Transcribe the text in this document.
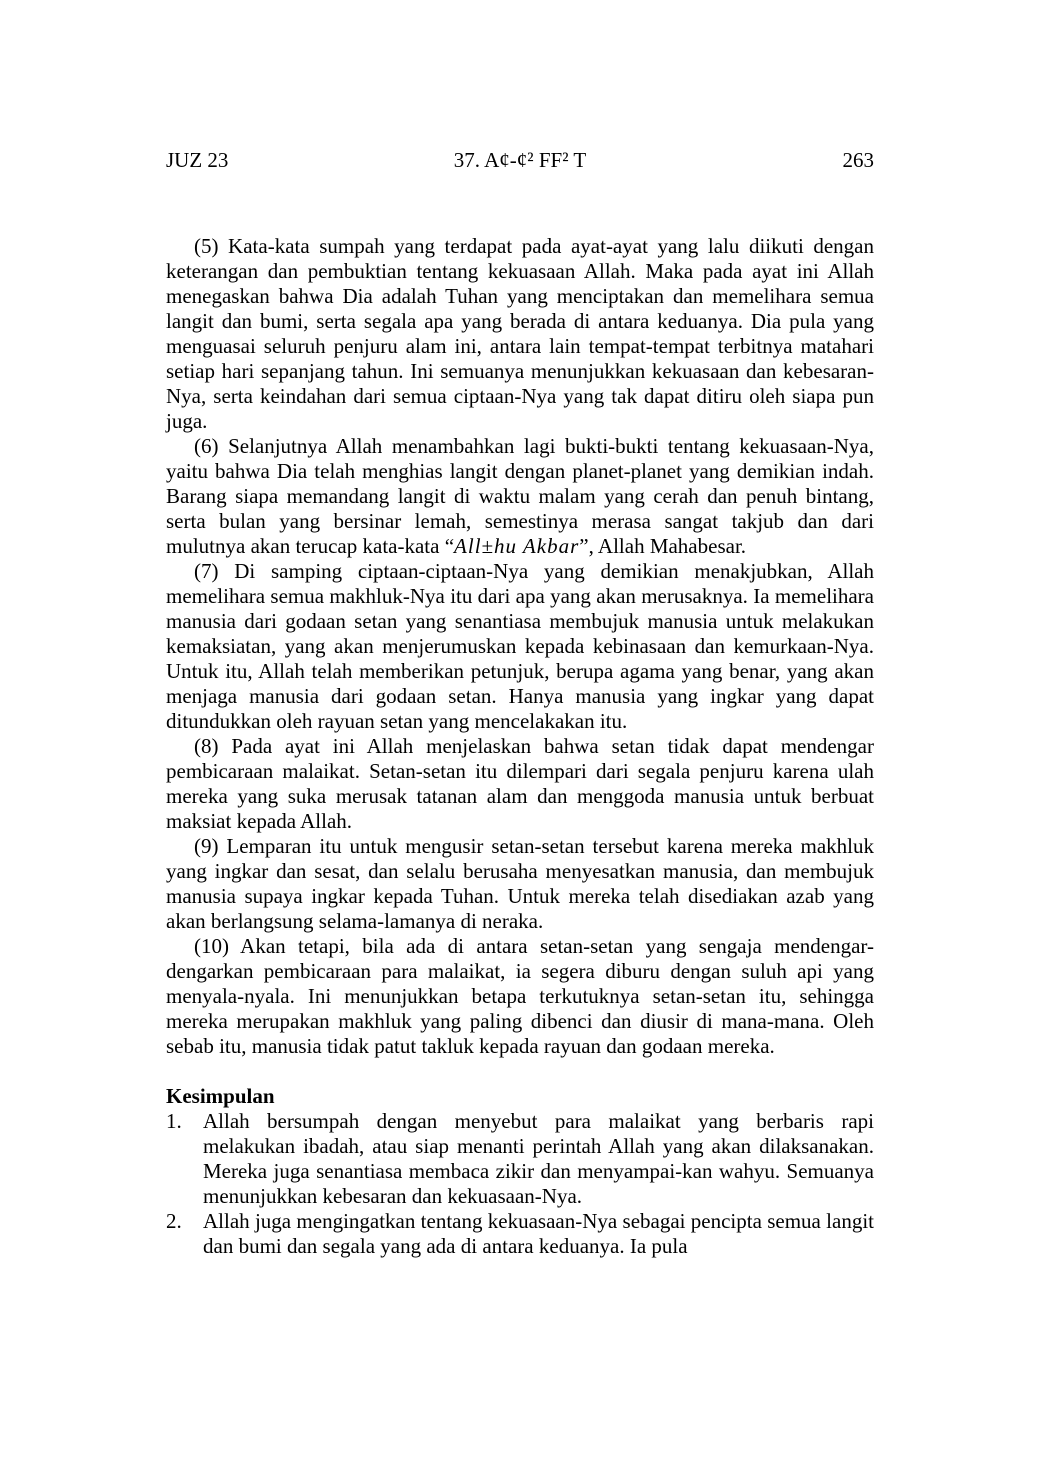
JUZ 23	37. A¢-¢² FF² T	263

(5) Kata-kata sumpah yang terdapat pada ayat-ayat yang lalu diikuti dengan keterangan dan pembuktian tentang kekuasaan Allah. Maka pada ayat ini Allah menegaskan bahwa Dia adalah Tuhan yang menciptakan dan memelihara semua langit dan bumi, serta segala apa yang berada di antara keduanya. Dia pula yang menguasai seluruh penjuru alam ini, antara lain tempat-tempat terbitnya matahari setiap hari sepanjang tahun. Ini semuanya menunjukkan kekuasaan dan kebesaran-Nya, serta keindahan dari semua ciptaan-Nya yang tak dapat ditiru oleh siapa pun juga.

(6) Selanjutnya Allah menambahkan lagi bukti-bukti tentang kekuasaan-Nya, yaitu bahwa Dia telah menghias langit dengan planet-planet yang demikian indah. Barang siapa memandang langit di waktu malam yang cerah dan penuh bintang, serta bulan yang bersinar lemah, semestinya merasa sangat takjub dan dari mulutnya akan terucap kata-kata “All±hu Akbar”, Allah Mahabesar.

(7) Di samping ciptaan-ciptaan-Nya yang demikian menakjubkan, Allah memelihara semua makhluk-Nya itu dari apa yang akan merusaknya. Ia memelihara manusia dari godaan setan yang senantiasa membujuk manusia untuk melakukan kemaksiatan, yang akan menjerumuskan kepada kebinasaan dan kemurkaan-Nya. Untuk itu, Allah telah memberikan petunjuk, berupa agama yang benar, yang akan menjaga manusia dari godaan setan. Hanya manusia yang ingkar yang dapat ditundukkan oleh rayuan setan yang mencelakakan itu.

(8) Pada ayat ini Allah menjelaskan bahwa setan tidak dapat mendengar pembicaraan malaikat. Setan-setan itu dilempari dari segala penjuru karena ulah mereka yang suka merusak tatanan alam dan menggoda manusia untuk berbuat maksiat kepada Allah.

(9) Lemparan itu untuk mengusir setan-setan tersebut karena mereka makhluk yang ingkar dan sesat, dan selalu berusaha menyesatkan manusia, dan membujuk manusia supaya ingkar kepada Tuhan. Untuk mereka telah disediakan azab yang akan berlangsung selama-lamanya di neraka.

(10) Akan tetapi, bila ada di antara setan-setan yang sengaja mendengar-dengarkan pembicaraan para malaikat, ia segera diburu dengan suluh api yang menyala-nyala. Ini menunjukkan betapa terkutuknya setan-setan itu, sehingga mereka merupakan makhluk yang paling dibenci dan diusir di mana-mana. Oleh sebab itu, manusia tidak patut takluk kepada rayuan dan godaan mereka.

Kesimpulan
1. Allah bersumpah dengan menyebut para malaikat yang berbaris rapi melakukan ibadah, atau siap menanti perintah Allah yang akan dilaksanakan. Mereka juga senantiasa membaca zikir dan menyampai-kan wahyu. Semuanya menunjukkan kebesaran dan kekuasaan-Nya.
2. Allah juga mengingatkan tentang kekuasaan-Nya sebagai pencipta semua langit dan bumi dan segala yang ada di antara keduanya. Ia pula
